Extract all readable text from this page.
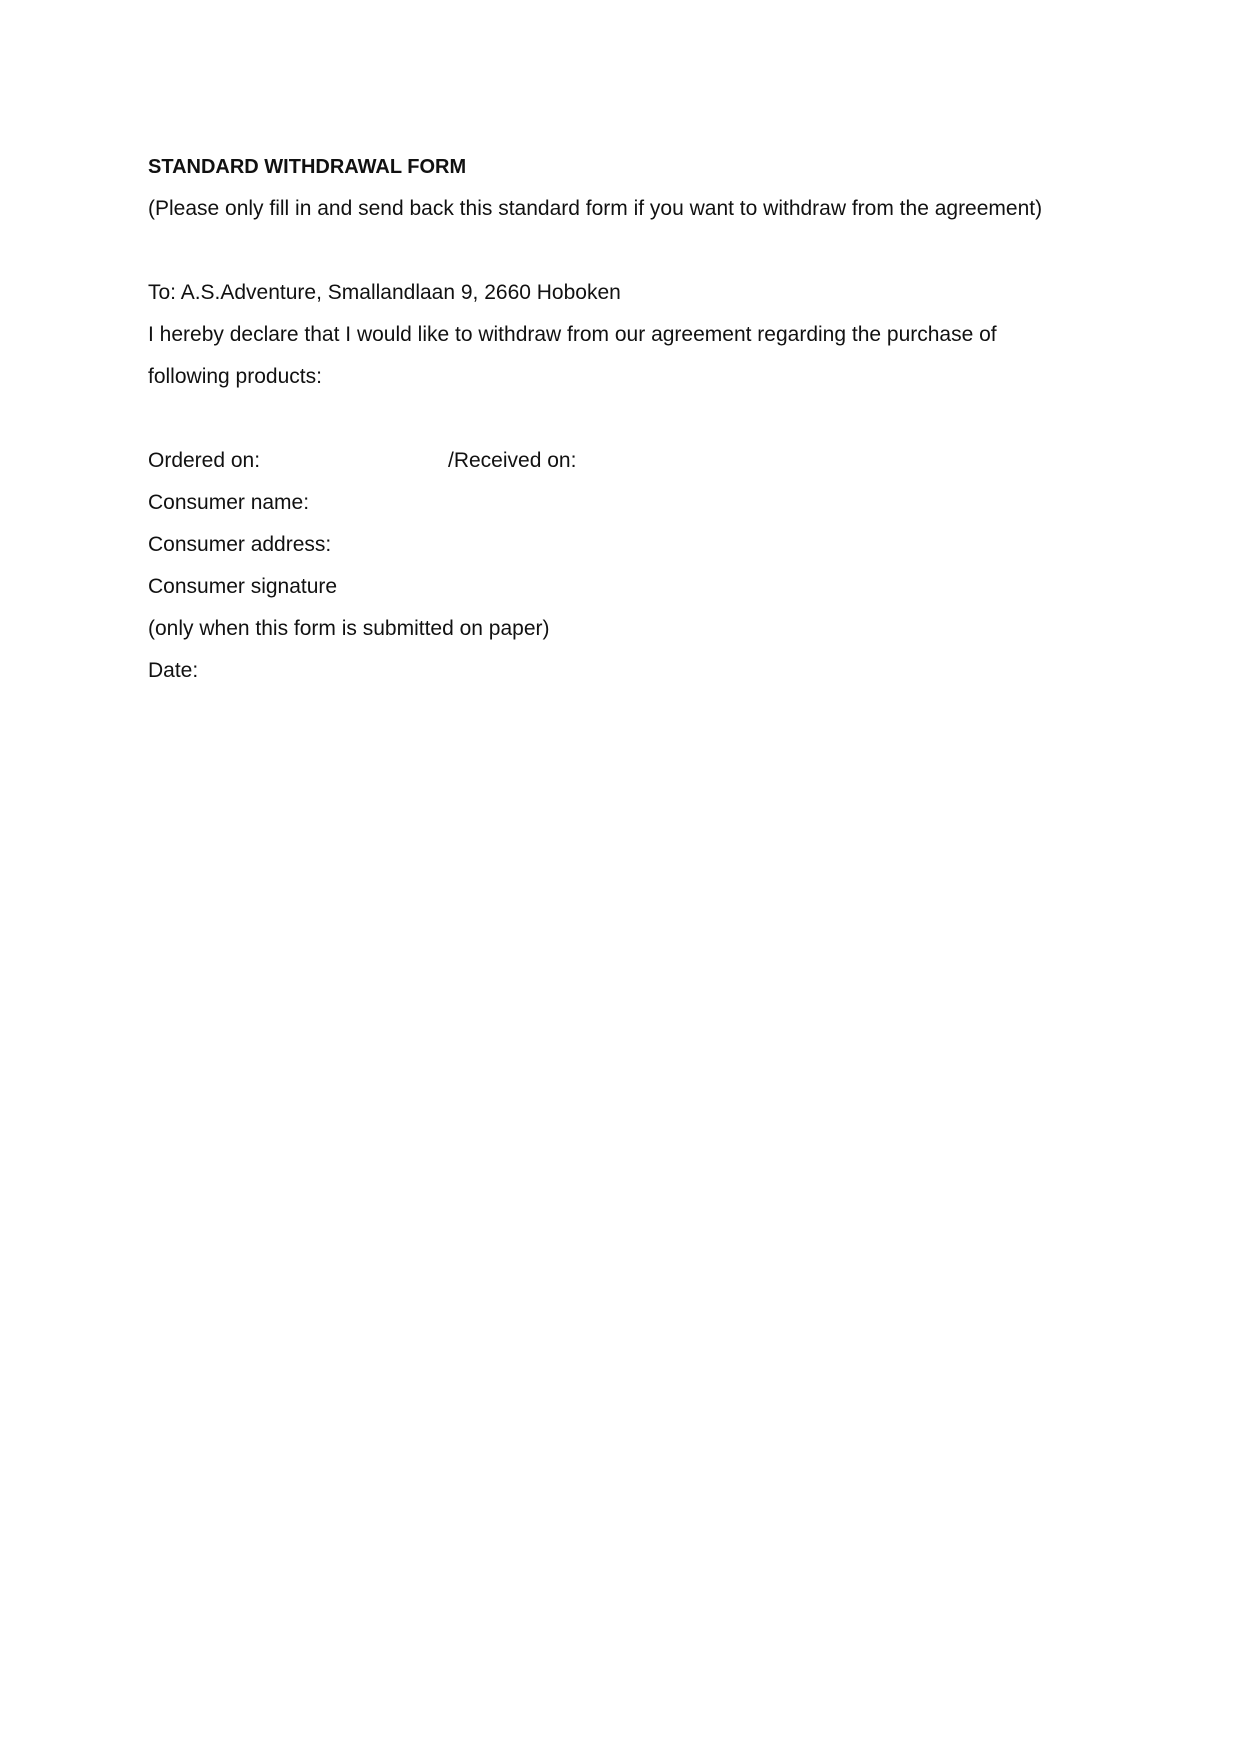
STANDARD WITHDRAWAL FORM
(Please only fill in and send back this standard form if you want to withdraw from the agreement)
To: A.S.Adventure, Smallandlaan 9, 2660 Hoboken
I hereby declare that I would like to withdraw from our agreement regarding the purchase of
following products:
Ordered on:	/Received on:
Consumer name:
Consumer address:
Consumer signature
(only when this form is submitted on paper)
Date:
